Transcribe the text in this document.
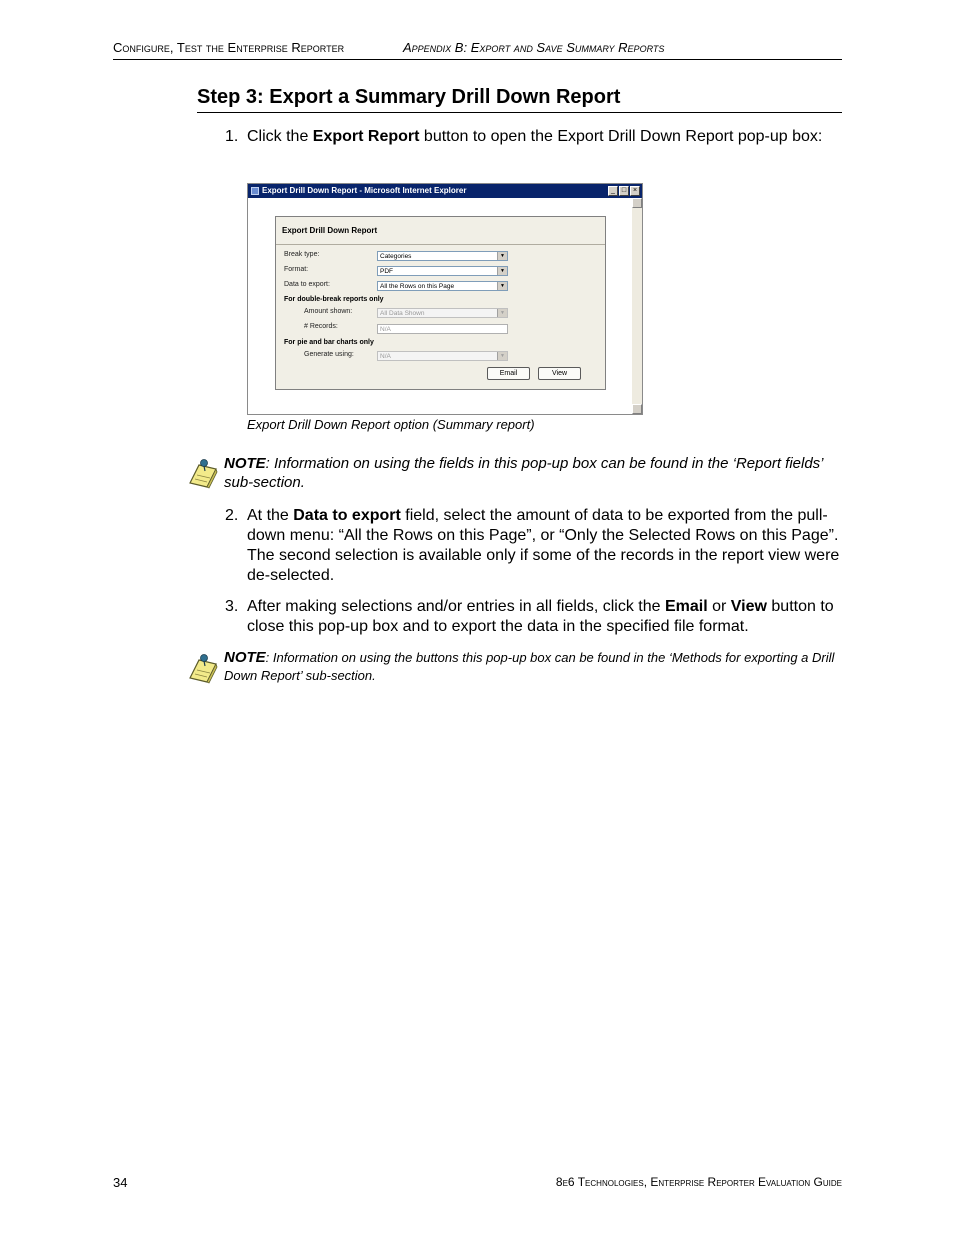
Configure, Test the Enterprise Reporter	Appendix B: Export and Save Summary Reports
Step 3: Export a Summary Drill Down Report
1. Click the Export Report button to open the Export Drill Down Report pop-up box:
Export Drill Down Report - Microsoft Internet Explorer	_ □ ×
Export Drill Down Report
Break type:	Categories	▼
Format:	PDF	▼
Data to export:	All the Rows on this Page	▼
For double-break reports only
Amount shown:	All Data Shown	▼
# Records:	N/A
For pie and bar charts only
Generate using:	N/A	▼
Email	View
Export Drill Down Report option (Summary report)
NOTE: Information on using the fields in this pop-up box can be found in the ‘Report fields’ sub-section.
2. At the Data to export field, select the amount of data to be exported from the pull-down menu: “All the Rows on this Page”, or “Only the Selected Rows on this Page”. The second selection is available only if some of the records in the report view were de-selected.
3. After making selections and/or entries in all fields, click the Email or View button to close this pop-up box and to export the data in the specified file format.
NOTE: Information on using the buttons this pop-up box can be found in the ‘Methods for exporting a Drill Down Report’ sub-section.
34	8e6 Technologies, Enterprise Reporter Evaluation Guide
